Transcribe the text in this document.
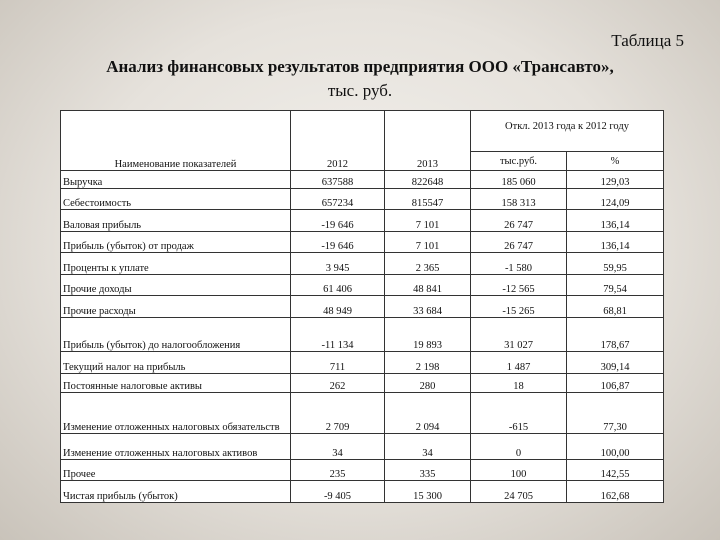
Таблица 5
Анализ финансовых результатов предприятия ООО «Трансавто»,
тыс. руб.
Наименование показателей	2012	2013	Откл. 2013 года к 2012 году	
			тыс.руб.	%
Выручка	637588	822648	185 060	129,03
Себестоимость	657234	815547	158 313	124,09
Валовая прибыль	-19 646	7 101	26 747	136,14
Прибыль (убыток) от продаж	-19 646	7 101	26 747	136,14
Проценты к уплате	3 945	2 365	-1 580	59,95
Прочие доходы	61 406	48 841	-12 565	79,54
Прочие расходы	48 949	33 684	-15 265	68,81
Прибыль (убыток) до налогообложения	-11 134	19 893	31 027	178,67
Текущий налог на прибыль	711	2 198	1 487	309,14
Постоянные налоговые активы	262	280	18	106,87
Изменение отложенных налоговых обязательств	2 709	2 094	-615	77,30
Изменение отложенных налоговых активов	34	34	0	100,00
Прочее	235	335	100	142,55
Чистая прибыль (убыток)	-9 405	15 300	24 705	162,68
